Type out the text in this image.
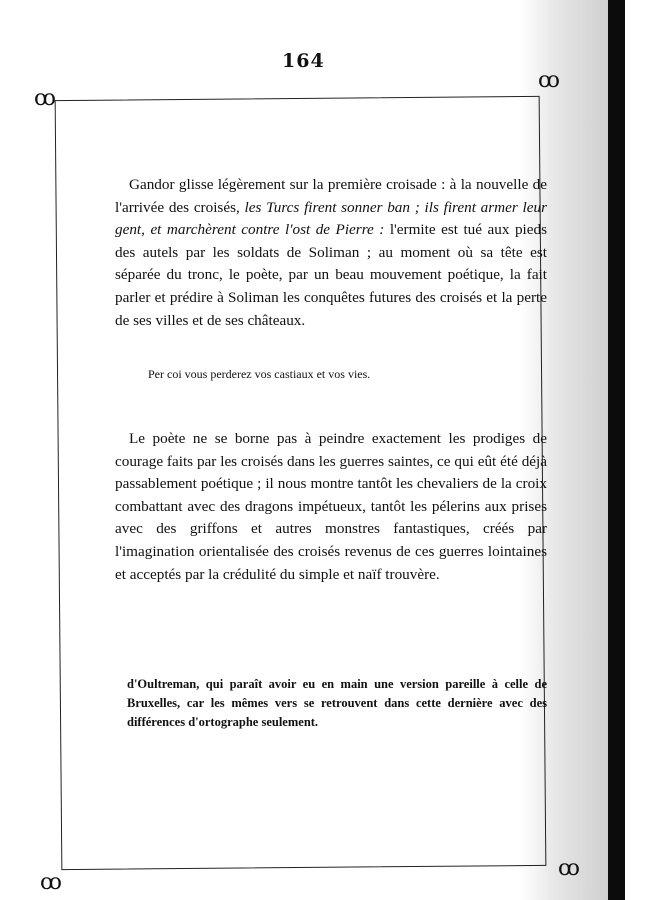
164
ꝏ
ꝏ
ꝏ
ꝏ

Gandor glisse légèrement sur la première croisade : à la nouvelle de l'arrivée des croisés, les Turcs firent sonner ban ; ils firent armer leur gent, et marchèrent contre l'ost de Pierre : l'ermite est tué aux pieds des autels par les soldats de Soliman ; au moment où sa tête est séparée du tronc, le poète, par un beau mouvement poétique, la fait parler et prédire à Soliman les conquêtes futures des croisés et la perte de ses villes et de ses châteaux.

Per coi vous perderez vos castiaux et vos vies.

Le poète ne se borne pas à peindre exactement les prodiges de courage faits par les croisés dans les guerres saintes, ce qui eût été déjà passablement poétique ; il nous montre tantôt les chevaliers de la croix combattant avec des dragons impétueux, tantôt les pélerins aux prises avec des griffons et autres monstres fantastiques, créés par l'imagination orientalisée des croisés revenus de ces guerres lointaines et acceptés par la crédulité du simple et naïf trouvère.

d'Oultreman, qui paraît avoir eu en main une version pareille à celle de Bruxelles, car les mêmes vers se retrouvent dans cette dernière avec des différences d'ortographe seulement.
